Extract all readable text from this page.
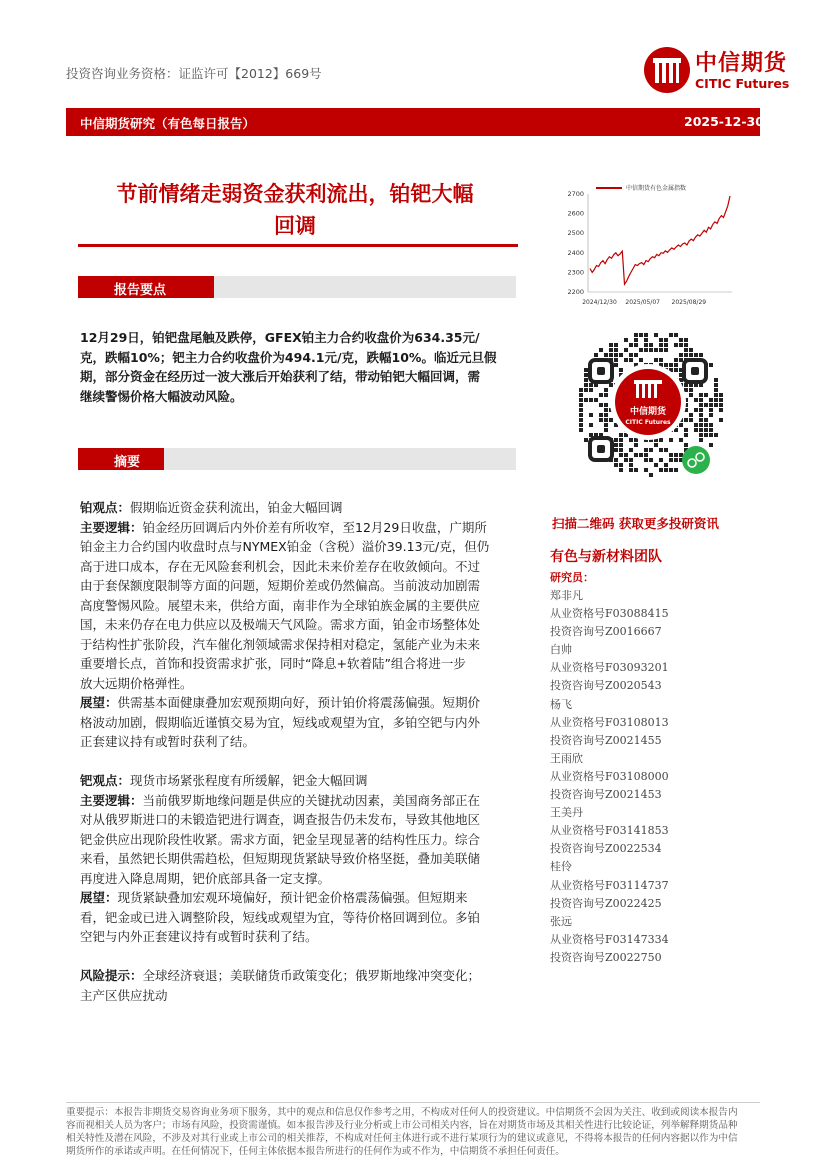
投资咨询业务资格：证监许可【2012】669号	中信期货
CITIC Futures
中信期货研究（有色每日报告）	2025-12-30
节前情绪走弱资金获利流出，铂钯大幅
回调
报告要点
12月29日，铂钯盘尾触及跌停，GFEX铂主力合约收盘价为634.35元/
克，跌幅10%；钯主力合约收盘价为494.1元/克，跌幅10%。临近元旦假
期，部分资金在经历过一波大涨后开始获利了结，带动铂钯大幅回调，需
继续警惕价格大幅波动风险。
摘要
铂观点：假期临近资金获利流出，铂金大幅回调
主要逻辑：铂金经历回调后内外价差有所收窄，至12月29日收盘，广期所
铂金主力合约国内收盘时点与NYMEX铂金（含税）溢价39.13元/克，但仍
高于进口成本，存在无风险套利机会，因此未来价差存在收敛倾向。不过
由于套保额度限制等方面的问题，短期价差或仍然偏高。当前波动加剧需
高度警惕风险。展望未来，供给方面，南非作为全球铂族金属的主要供应
国，未来仍存在电力供应以及极端天气风险。需求方面，铂金市场整体处
于结构性扩张阶段，汽车催化剂领域需求保持相对稳定，氢能产业为未来
重要增长点，首饰和投资需求扩张，同时“降息+软着陆”组合将进一步
放大远期价格弹性。
展望：供需基本面健康叠加宏观预期向好，预计铂价将震荡偏强。短期价
格波动加剧，假期临近谨慎交易为宜，短线或观望为宜，多铂空钯与内外
正套建议持有或暂时获利了结。
钯观点：现货市场紧张程度有所缓解，钯金大幅回调
主要逻辑：当前俄罗斯地缘问题是供应的关键扰动因素，美国商务部正在
对从俄罗斯进口的未锻造钯进行调查，调查报告仍未发布，导致其他地区
钯金供应出现阶段性收紧。需求方面，钯金呈现显著的结构性压力。综合
来看，虽然钯长期供需趋松，但短期现货紧缺导致价格坚挺，叠加美联储
再度进入降息周期，钯价底部具备一定支撑。
展望：现货紧缺叠加宏观环境偏好，预计钯金价格震荡偏强。但短期来
看，钯金或已进入调整阶段，短线或观望为宜，等待价格回调到位。多铂
空钯与内外正套建议持有或暂时获利了结。
风险提示：全球经济衰退；美联储货币政策变化；俄罗斯地缘冲突变化；
主产区供应扰动
中信期货有色金属指数
2700
2600
2500
2400
2300
2200
2024/12/30 2025/05/07 2025/08/29
中信期货
CITIC Futures
扫描二维码 获取更多投研资讯
有色与新材料团队
研究员：
郑非凡
从业资格号F03088415
投资咨询号Z0016667
白帅
从业资格号F03093201
投资咨询号Z0020543
杨飞
从业资格号F03108013
投资咨询号Z0021455
王雨欣
从业资格号F03108000
投资咨询号Z0021453
王美丹
从业资格号F03141853
投资咨询号Z0022534
桂伶
从业资格号F03114737
投资咨询号Z0022425
张远
从业资格号F03147334
投资咨询号Z0022750
重要提示：本报告非期货交易咨询业务项下服务，其中的观点和信息仅作参考之用，不构成对任何人的投资建议。中信期货不会因为关注、收到或阅读本报告内
容而视相关人员为客户；市场有风险，投资需谨慎。如本报告涉及行业分析或上市公司相关内容，旨在对期货市场及其相关性进行比较论证，列举解释期货品种
相关特性及潜在风险，不涉及对其行业或上市公司的相关推荐，不构成对任何主体进行或不进行某项行为的建议或意见，不得将本报告的任何内容据以作为中信
期货所作的承诺或声明。在任何情况下，任何主体依据本报告所进行的任何作为或不作为，中信期货不承担任何责任。
